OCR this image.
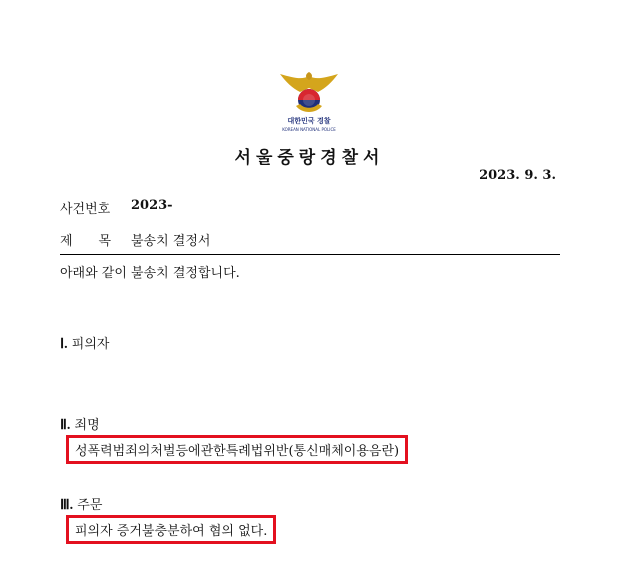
대한민국 경찰
KOREAN NATIONAL POLICE
서울중랑경찰서
2023. 9. 3.
사건번호 2023-
제　　목 불송치 결정서
아래와 같이 불송치 결정합니다.
Ⅰ. 피의자
Ⅱ. 죄명
성폭력범죄의처벌등에관한특례법위반(통신매체이용음란)
Ⅲ. 주문
피의자 증거불충분하여 혐의 없다.
